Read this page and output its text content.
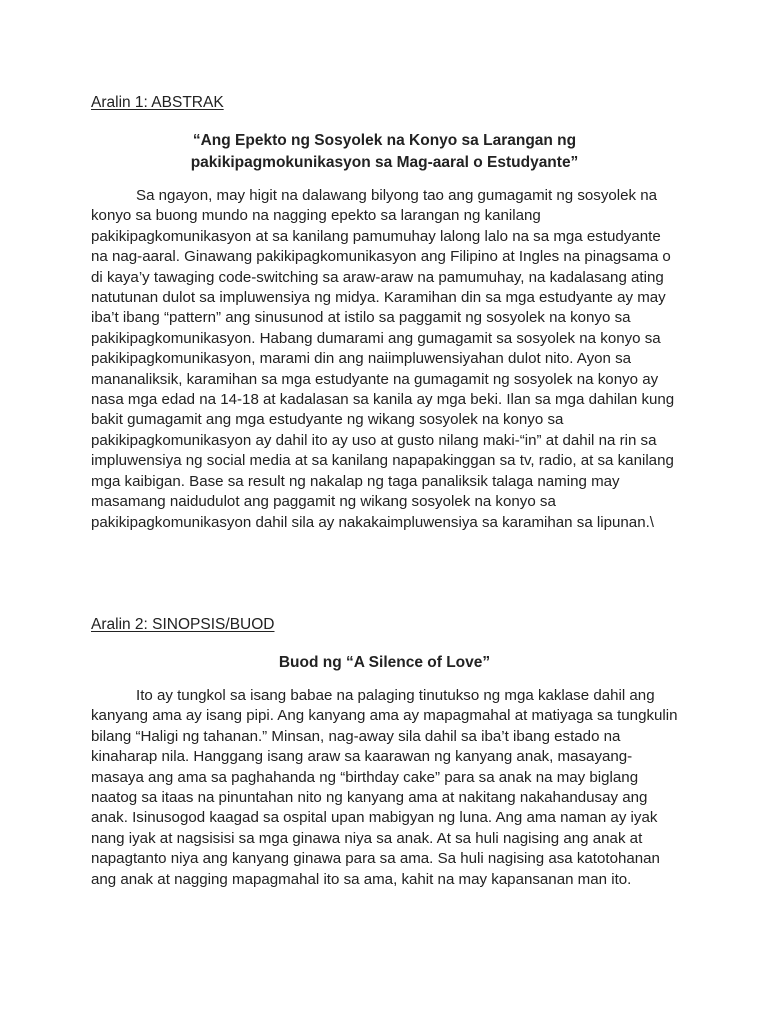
Aralin 1: ABSTRAK

“Ang Epekto ng Sosyolek na Konyo sa Larangan ng
pakikipagmokunikasyon sa Mag-aaral o Estudyante”
Sa ngayon, may higit na dalawang bilyong tao ang gumagamit ng sosyolek na
konyo sa buong mundo na nagging epekto sa larangan ng kanilang
pakikipagkomunikasyon at sa kanilang pamumuhay lalong lalo na sa mga estudyante
na nag-aaral. Ginawang pakikipagkomunikasyon ang Filipino at Ingles na pinagsama o
di kaya’y tawaging code-switching sa araw-araw na pamumuhay, na kadalasang ating
natutunan dulot sa impluwensiya ng midya. Karamihan din sa mga estudyante ay may
iba’t ibang “pattern” ang sinusunod at istilo sa paggamit ng sosyolek na konyo sa
pakikipagkomunikasyon. Habang dumarami ang gumagamit sa sosyolek na konyo sa
pakikipagkomunikasyon, marami din ang naiimpluwensiyahan dulot nito. Ayon sa
mananaliksik, karamihan sa mga estudyante na gumagamit ng sosyolek na konyo ay
nasa mga edad na 14-18 at kadalasan sa kanila ay mga beki. Ilan sa mga dahilan kung
bakit gumagamit ang mga estudyante ng wikang sosyolek na konyo sa
pakikipagkomunikasyon ay dahil ito ay uso at gusto nilang maki-“in” at dahil na rin sa
impluwensiya ng social media at sa kanilang napapakinggan sa tv, radio, at sa kanilang
mga kaibigan. Base sa result ng nakalap ng taga panaliksik talaga naming may
masamang naidudulot ang paggamit ng wikang sosyolek na konyo sa
pakikipagkomunikasyon dahil sila ay nakakaimpluwensiya sa karamihan sa lipunan.\

Aralin 2: SINOPSIS/BUOD

Buod ng “A Silence of Love”
Ito ay tungkol sa isang babae na palaging tinutukso ng mga kaklase dahil ang
kanyang ama ay isang pipi. Ang kanyang ama ay mapagmahal at matiyaga sa tungkulin
bilang “Haligi ng tahanan.” Minsan, nag-away sila dahil sa iba’t ibang estado na
kinaharap nila. Hanggang isang araw sa kaarawan ng kanyang anak, masayang-
masaya ang ama sa paghahanda ng “birthday cake” para sa anak na may biglang
naatog sa itaas na pinuntahan nito ng kanyang ama at nakitang nakahandusay ang
anak. Isinusogod kaagad sa ospital upan mabigyan ng luna. Ang ama naman ay iyak
nang iyak at nagsisisi sa mga ginawa niya sa anak. At sa huli nagising ang anak at
napagtanto niya ang kanyang ginawa para sa ama. Sa huli nagising asa katotohanan
ang anak at nagging mapagmahal ito sa ama, kahit na may kapansanan man ito.
